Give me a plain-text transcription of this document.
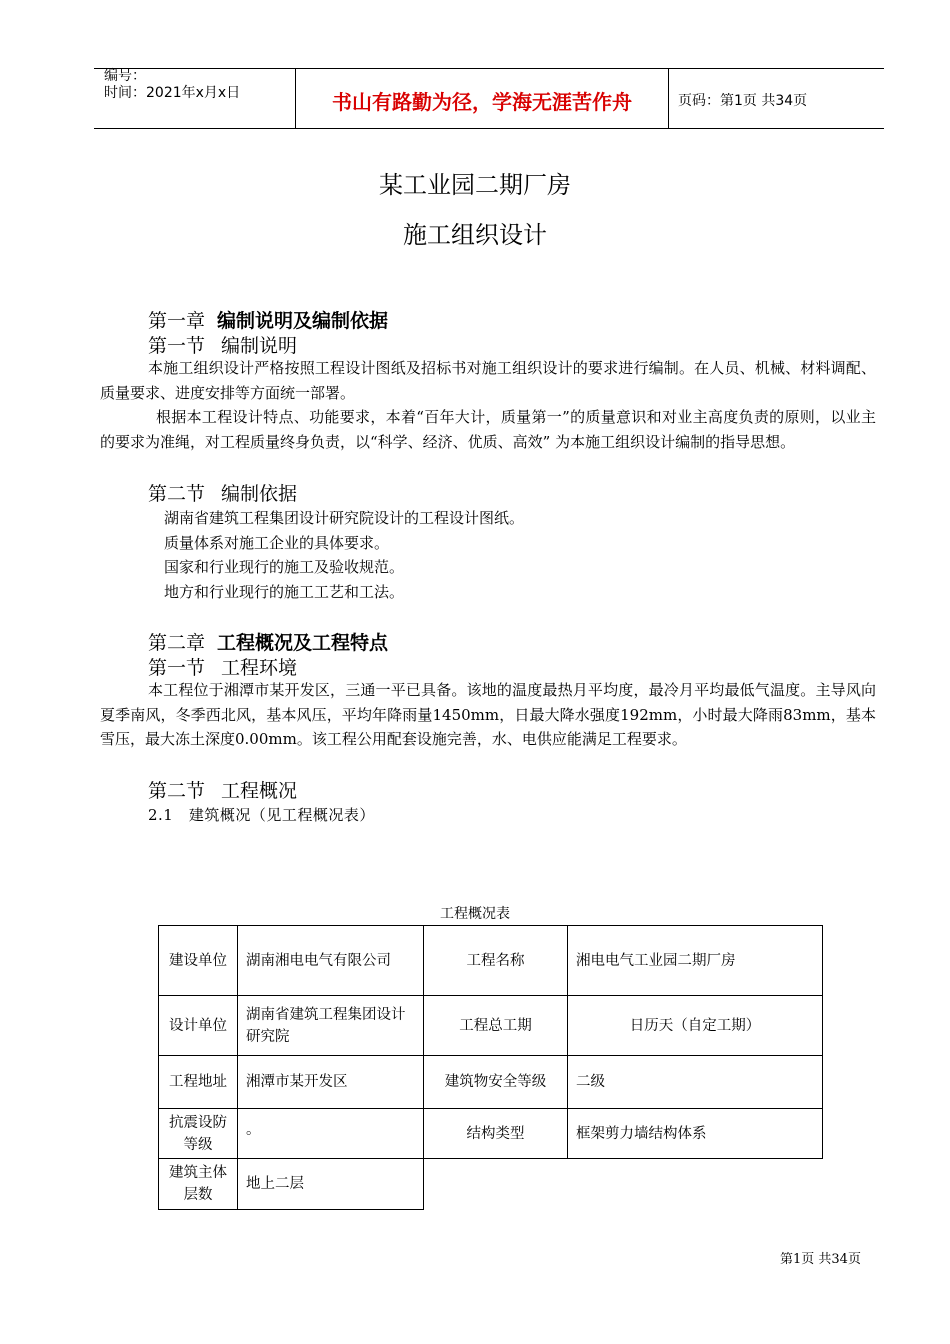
编号：
时间：2021年x月x日	书山有路勤为径，学海无涯苦作舟	页码：第1页 共34页
某工业园二期厂房
施工组织设计
第一章 编制说明及编制依据
第一节 编制说明
本施工组织设计严格按照工程设计图纸及招标书对施工组织设计的要求进行编制。在人员、机械、材料调配、质量要求、进度安排等方面统一部署。
根据本工程设计特点、功能要求，本着“百年大计，质量第一”的质量意识和对业主高度负责的原则，以业主的要求为准绳，对工程质量终身负责，以“科学、经济、优质、高效” 为本施工组织设计编制的指导思想。
第二节 编制依据
湖南省建筑工程集团设计研究院设计的工程设计图纸。
质量体系对施工企业的具体要求。
国家和行业现行的施工及验收规范。
地方和行业现行的施工工艺和工法。
第二章 工程概况及工程特点
第一节 工程环境
本工程位于湘潭市某开发区，三通一平已具备。该地的温度最热月平均度，最冷月平均最低气温度。主导风向夏季南风，冬季西北风，基本风压，平均年降雨量1450mm，日最大降水强度192mm，小时最大降雨83mm，基本雪压，最大冻土深度0.00mm。该工程公用配套设施完善，水、电供应能满足工程要求。
第二节 工程概况
2.1　建筑概况（见工程概况表）
工程概况表
建设单位	湖南湘电电气有限公司	工程名称	湘电电气工业园二期厂房
设计单位	湖南省建筑工程集团设计研究院	工程总工期	日历天（自定工期）
工程地址	湘潭市某开发区	建筑物安全等级	二级
抗震设防等级	。	结构类型	框架剪力墙结构体系
建筑主体层数	地上二层		
第1页 共34页
